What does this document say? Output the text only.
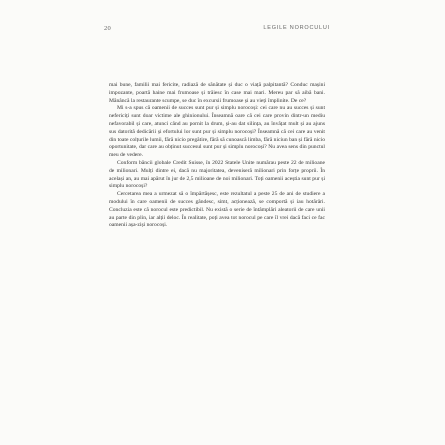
20	LEGILE NOROCULUI

mai bune, familii mai fericite, radiază de sănătate și duc o viață palpitantă? Conduc mașini impozante, poartă haine mai frumoase și trăiesc în case mai mari. Mereu par să aibă bani. Mănâncă la restaurante scumpe, se duc în excursii frumoase și au vieți împlinite. De ce?

Mi s-a spus că oamenii de succes sunt pur și simplu norocoși: cei care nu au succes și sunt nefericiți sunt doar victime ale ghinionului. Înseamnă oare că cei care provin dintr-un mediu nefavorabil și care, atunci când au pornit la drum, și-au dat silința, au învățat mult și au ajuns sus datorită dedicării și efortului lor sunt pur și simplu norocoși? Înseamnă că cei care au venit din toate colțurile lumii, fără nicio pregătire, fără să cunoască limba, fără niciun ban și fără nicio oportunitate, dar care au obținut succesul sunt pur și simplu norocoși? Nu avea sens din punctul meu de vedere.

Conform băncii globale Credit Suisse, în 2022 Statele Unite numărau peste 22 de milioane de milionari. Mulți dintre ei, dacă nu majoritatea, deveniseră milionari prin forțe proprii. În același an, au mai apărut în jur de 2,5 milioane de noi milionari. Toți oamenii aceștia sunt pur și simplu norocoși?

Cercetarea mea a urmezat să o împărtășesc, este rezultatul a peste 25 de ani de studiere a modului în care oamenii de succes gândesc, simt, acționează, se comportă și iau hotărâri. Concluzia este că norocul este predictibil. Nu există o serie de întâmplări aleatorii de care unii au parte din plin, iar alții deloc. În realitate, poți avea tot norocul pe care îl vrei dacă faci ce fac oamenii așa-ziși norocoși.
